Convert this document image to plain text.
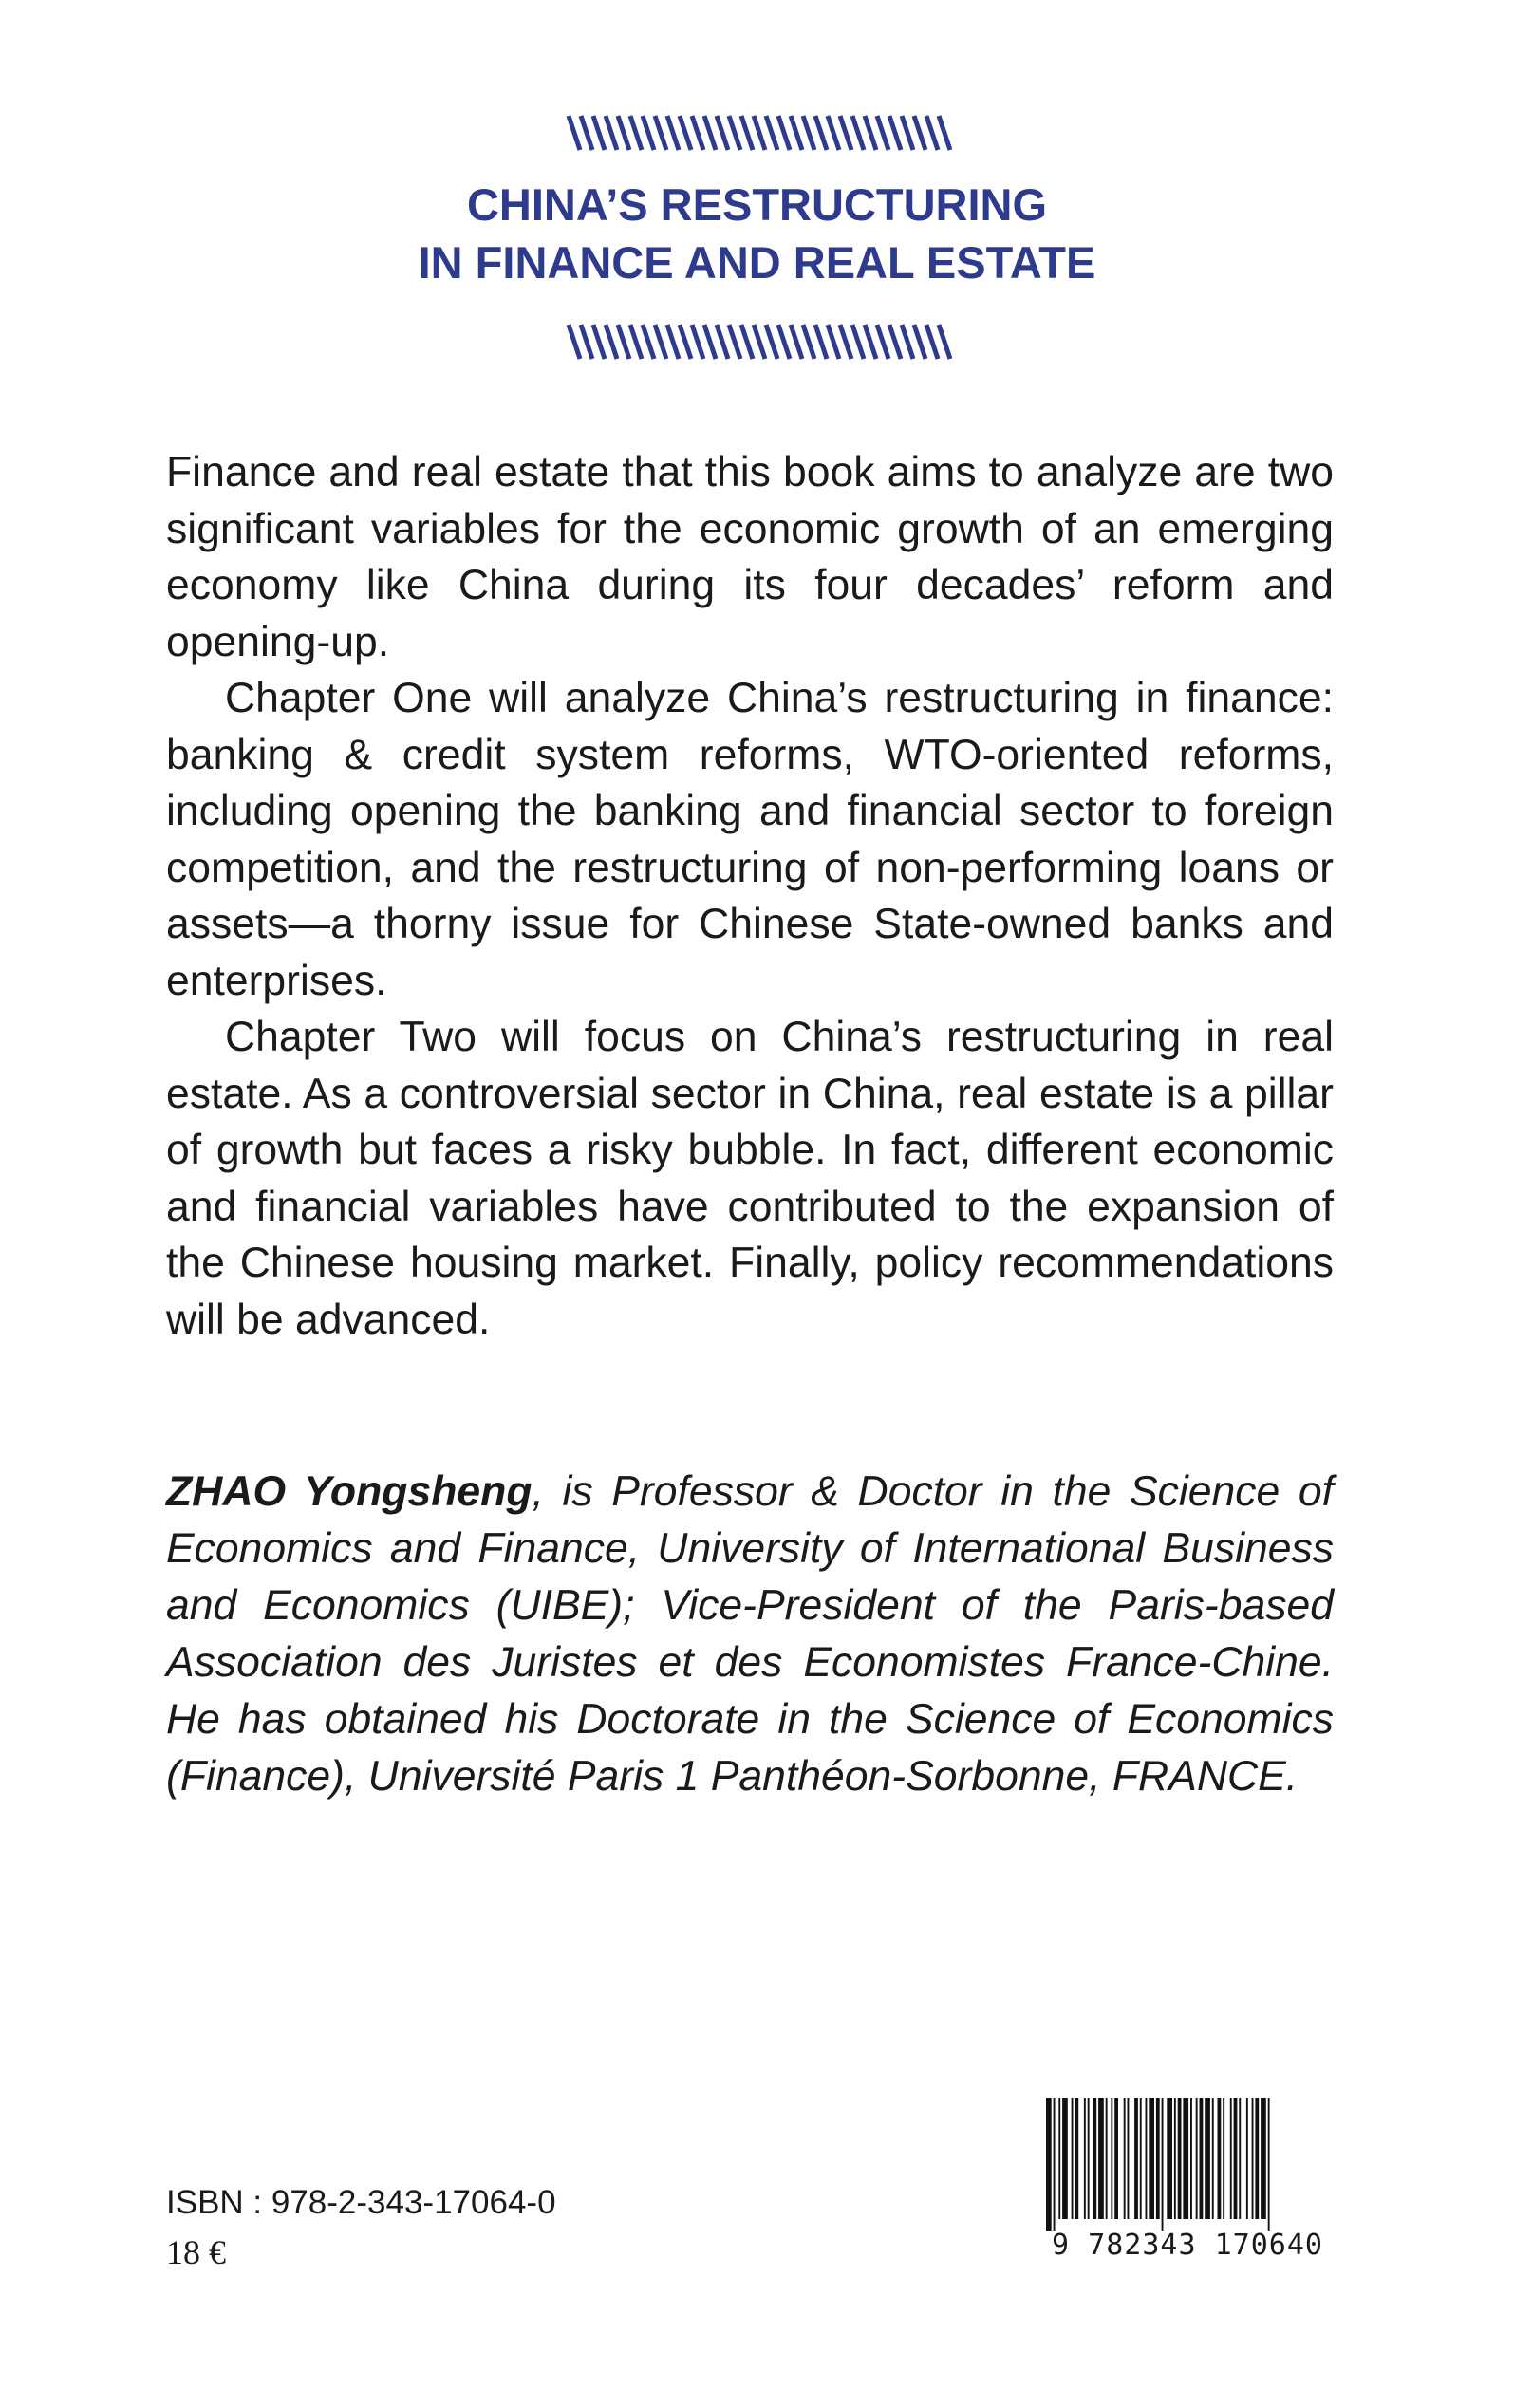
CHINA’S RESTRUCTURING
IN FINANCE AND REAL ESTATE

Finance and real estate that this book aims to analyze are two significant variables for the economic growth of an emerging economy like China during its four decades’ reform and opening-up.

Chapter One will analyze China’s restructuring in finance: banking & credit system reforms, WTO-oriented reforms, including opening the banking and financial sector to foreign competition, and the restructuring of non-performing loans or assets—a thorny issue for Chinese State-owned banks and enterprises.

Chapter Two will focus on China’s restructuring in real estate. As a controversial sector in China, real estate is a pillar of growth but faces a risky bubble. In fact, different economic and financial variables have contributed to the expansion of the Chinese housing market. Finally, policy recommendations will be advanced.

ZHAO Yongsheng, is Professor & Doctor in the Science of Economics and Finance, University of International Business and Economics (UIBE); Vice-President of the Paris-based Association des Juristes et des Economistes France-Chine. He has obtained his Doctorate in the Science of Economics (Finance), Université Paris 1 Panthéon-Sorbonne, FRANCE.

ISBN : 978-2-343-17064-0
18 €	9 782343 170640
